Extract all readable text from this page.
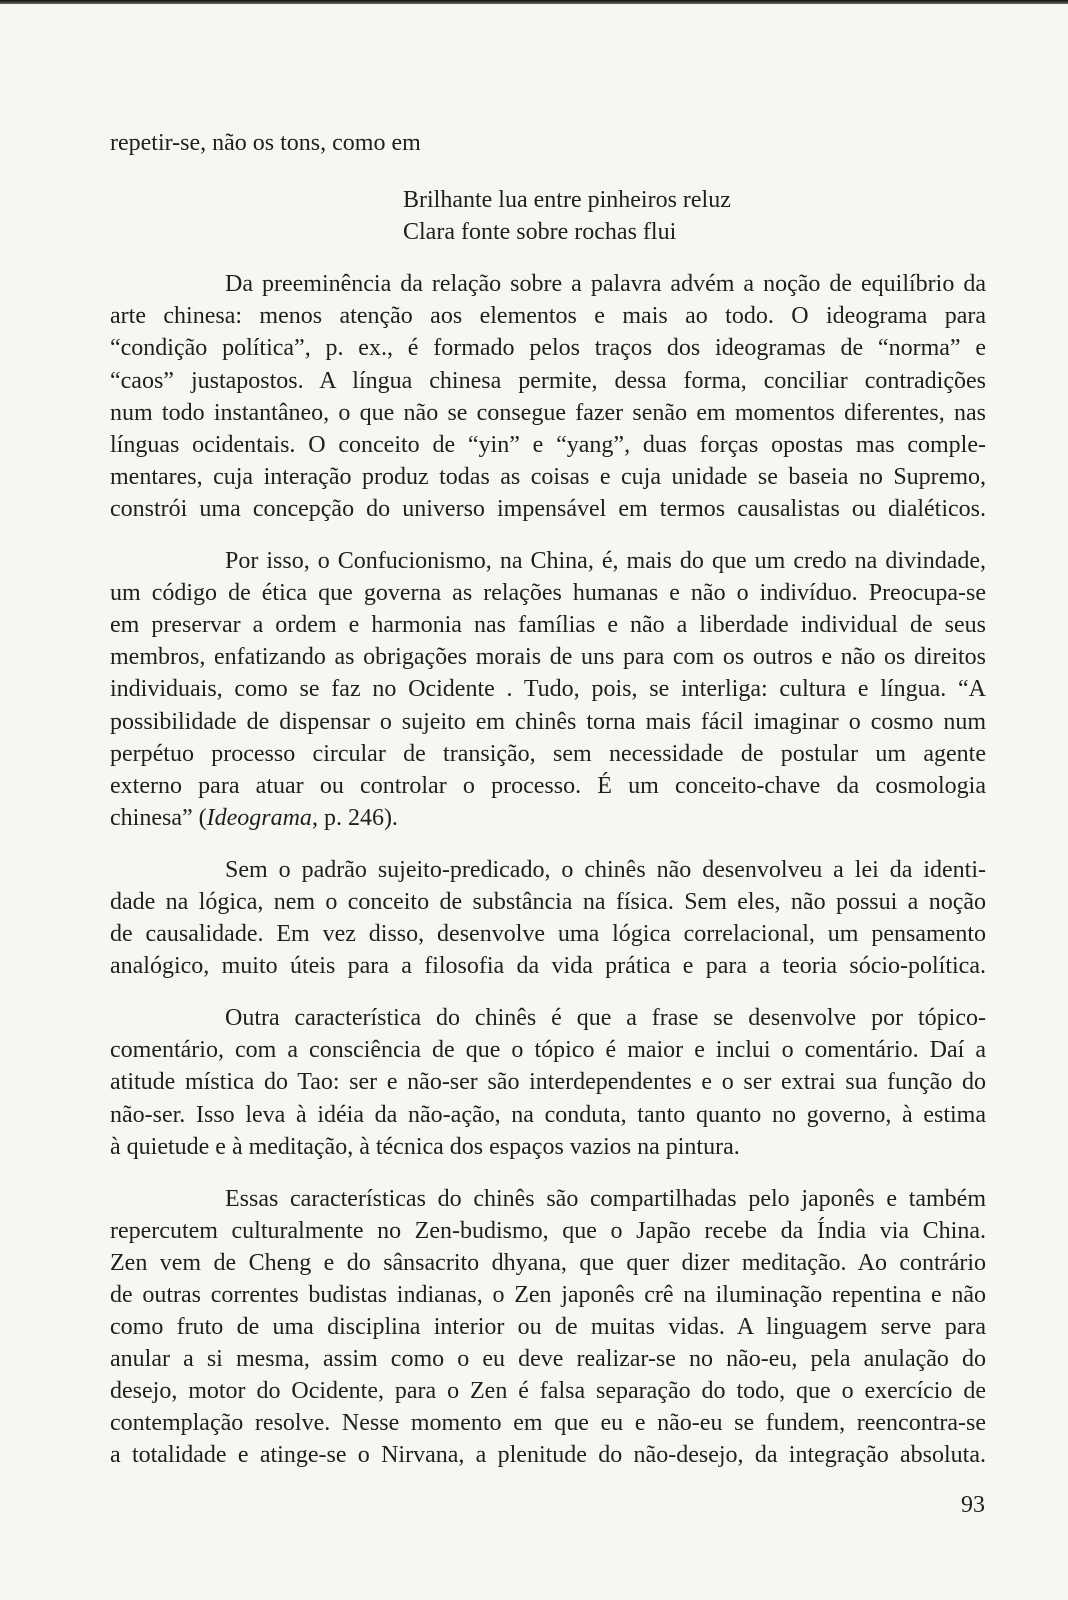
repetir-se, não os tons, como em
Brilhante lua entre pinheiros reluz
Clara fonte sobre rochas flui
Da preeminência da relação sobre a palavra advém a noção de equilíbrio da
arte chinesa: menos atenção aos elementos e mais ao todo. O ideograma para
“condição política”, p. ex., é formado pelos traços dos ideogramas de “norma” e
“caos” justapostos. A língua chinesa permite, dessa forma, conciliar contradições
num todo instantâneo, o que não se consegue fazer senão em momentos diferentes, nas
línguas ocidentais. O conceito de “yin” e “yang”, duas forças opostas mas comple-
mentares, cuja interação produz todas as coisas e cuja unidade se baseia no Supremo,
constrói uma concepção do universo impensável em termos causalistas ou dialéticos.
Por isso, o Confucionismo, na China, é, mais do que um credo na divindade,
um código de ética que governa as relações humanas e não o indivíduo. Preocupa-se
em preservar a ordem e harmonia nas famílias e não a liberdade individual de seus
membros, enfatizando as obrigações morais de uns para com os outros e não os direitos
individuais, como se faz no Ocidente . Tudo, pois, se interliga: cultura e língua. “A
possibilidade de dispensar o sujeito em chinês torna mais fácil imaginar o cosmo num
perpétuo processo circular de transição, sem necessidade de postular um agente
externo para atuar ou controlar o processo. É um conceito-chave da cosmologia
chinesa” (Ideograma, p. 246).
Sem o padrão sujeito-predicado, o chinês não desenvolveu a lei da identi-
dade na lógica, nem o conceito de substância na física. Sem eles, não possui a noção
de causalidade. Em vez disso, desenvolve uma lógica correlacional, um pensamento
analógico, muito úteis para a filosofia da vida prática e para a teoria sócio-política.
Outra característica do chinês é que a frase se desenvolve por tópico-
comentário, com a consciência de que o tópico é maior e inclui o comentário. Daí a
atitude mística do Tao: ser e não-ser são interdependentes e o ser extrai sua função do
não-ser. Isso leva à idéia da não-ação, na conduta, tanto quanto no governo, à estima
à quietude e à meditação, à técnica dos espaços vazios na pintura.
Essas características do chinês são compartilhadas pelo japonês e também
repercutem culturalmente no Zen-budismo, que o Japão recebe da Índia via China.
Zen vem de Cheng e do sânsacrito dhyana, que quer dizer meditação. Ao contrário
de outras correntes budistas indianas, o Zen japonês crê na iluminação repentina e não
como fruto de uma disciplina interior ou de muitas vidas. A linguagem serve para
anular a si mesma, assim como o eu deve realizar-se no não-eu, pela anulação do
desejo, motor do Ocidente, para o Zen é falsa separação do todo, que o exercício de
contemplação resolve. Nesse momento em que eu e não-eu se fundem, reencontra-se
a totalidade e atinge-se o Nirvana, a plenitude do não-desejo, da integração absoluta.
93
